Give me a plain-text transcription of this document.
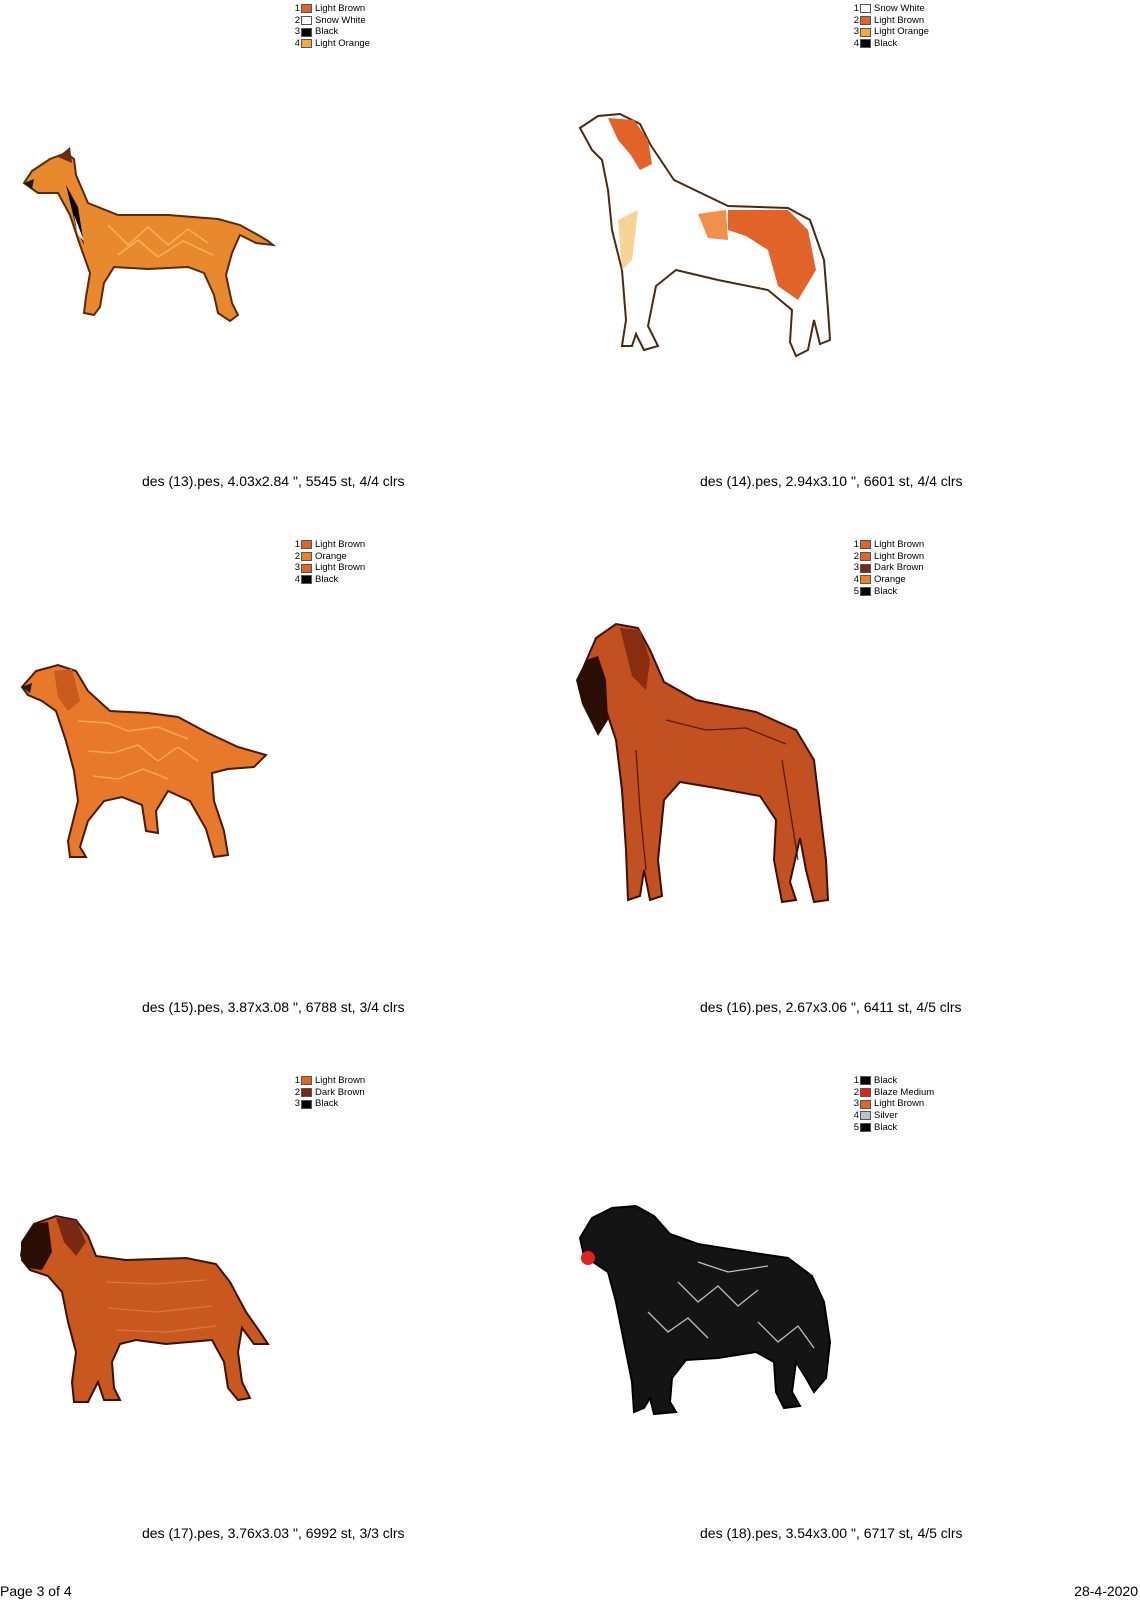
1 Light Brown
2 Snow White
3 Black
4 Light Orange
des (13).pes, 4.03x2.84 ", 5545 st, 4/4 clrs
1 Snow White
2 Light Brown
3 Light Orange
4 Black
des (14).pes, 2.94x3.10 ", 6601 st, 4/4 clrs
1 Light Brown
2 Orange
3 Light Brown
4 Black
des (15).pes, 3.87x3.08 ", 6788 st, 3/4 clrs
1 Light Brown
2 Light Brown
3 Dark Brown
4 Orange
5 Black
des (16).pes, 2.67x3.06 ", 6411 st, 4/5 clrs
1 Light Brown
2 Dark Brown
3 Black
des (17).pes, 3.76x3.03 ", 6992 st, 3/3 clrs
1 Black
2 Blaze Medium
3 Light Brown
4 Silver
5 Black
des (18).pes, 3.54x3.00 ", 6717 st, 4/5 clrs
Page 3 of 4	28-4-2020
